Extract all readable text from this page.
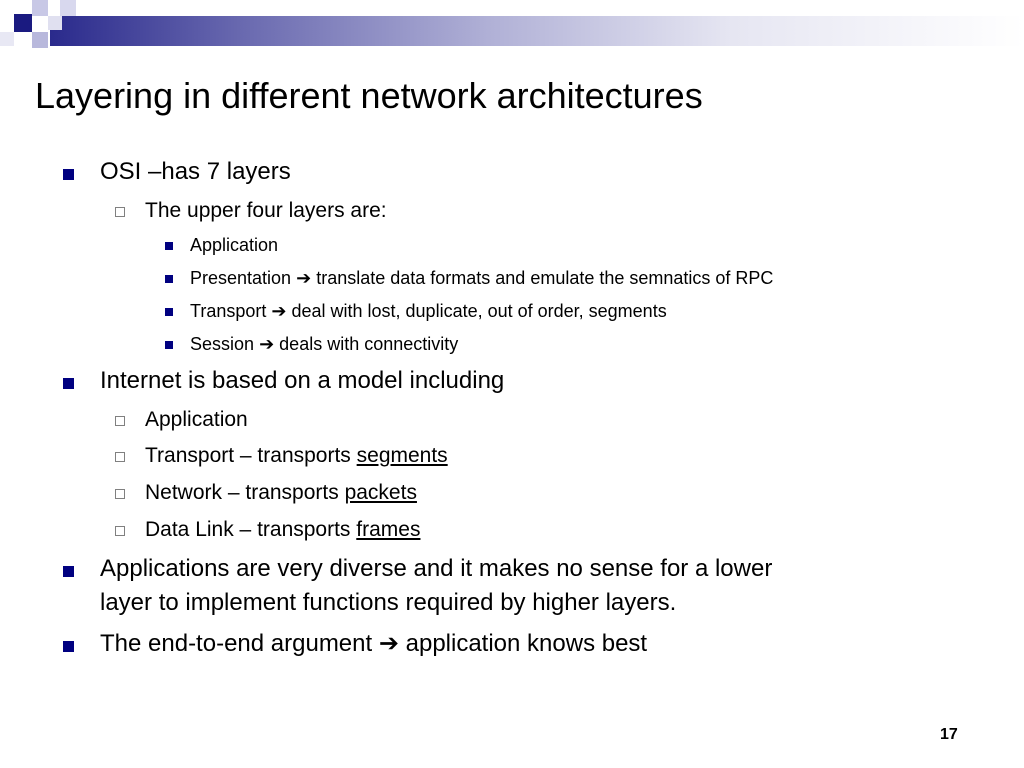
Layering in different network architectures
OSI –has 7 layers
The upper four layers are:
Application
Presentation ➔ translate data formats and emulate the semnatics of RPC
Transport ➔ deal with lost, duplicate, out of order, segments
Session ➔ deals with connectivity
Internet is based on a model including
Application
Transport – transports segments
Network – transports packets
Data Link – transports frames
Applications are very diverse and it makes no sense for a lower
layer to implement functions required by higher layers.
The end-to-end argument ➔ application knows best
17
